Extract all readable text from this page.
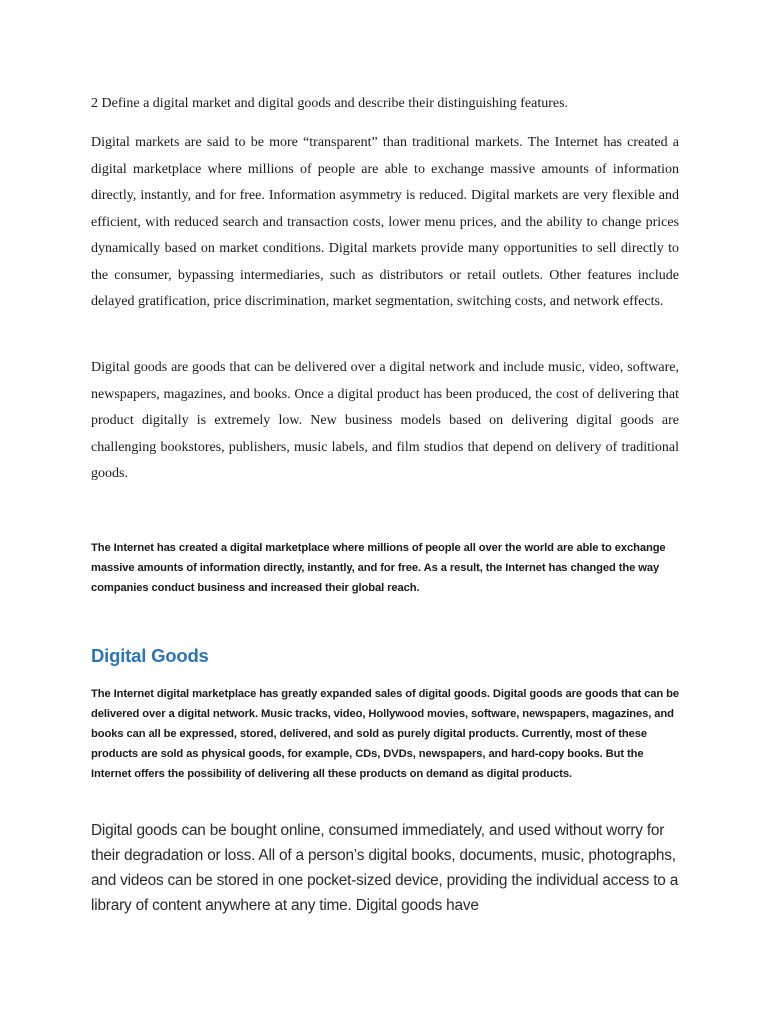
2 Define a digital market and digital goods and describe their distinguishing features.

Digital markets are said to be more “transparent” than traditional markets. The Internet has created a digital marketplace where millions of people are able to exchange massive amounts of information directly, instantly, and for free. Information asymmetry is reduced. Digital markets are very flexible and efficient, with reduced search and transaction costs, lower menu prices, and the ability to change prices dynamically based on market conditions. Digital markets provide many opportunities to sell directly to the consumer, bypassing intermediaries, such as distributors or retail outlets. Other features include delayed gratification, price discrimination, market segmentation, switching costs, and network effects.

Digital goods are goods that can be delivered over a digital network and include music, video, software, newspapers, magazines, and books. Once a digital product has been produced, the cost of delivering that product digitally is extremely low. New business models based on delivering digital goods are challenging bookstores, publishers, music labels, and film studios that depend on delivery of traditional goods.

The Internet has created a digital marketplace where millions of people all over the world are able to exchange massive amounts of information directly, instantly, and for free. As a result, the Internet has changed the way companies conduct business and increased their global reach.

Digital Goods

The Internet digital marketplace has greatly expanded sales of digital goods. Digital goods are goods that can be delivered over a digital network. Music tracks, video, Hollywood movies, software, newspapers, magazines, and books can all be expressed, stored, delivered, and sold as purely digital products. Currently, most of these products are sold as physical goods, for example, CDs, DVDs, newspapers, and hard-copy books. But the Internet offers the possibility of delivering all these products on demand as digital products.

Digital goods can be bought online, consumed immediately, and used without worry for their degradation or loss. All of a person’s digital books, documents, music, photographs, and videos can be stored in one pocket-sized device, providing the individual access to a library of content anywhere at any time. Digital goods have
